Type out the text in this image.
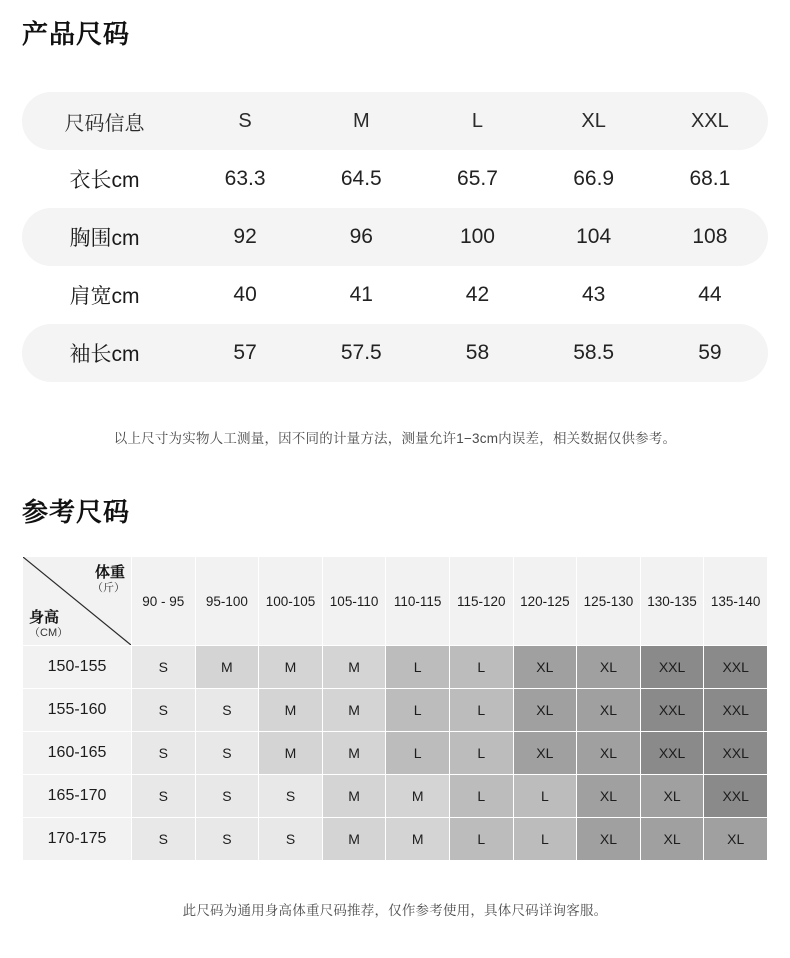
产品尺码
尺码信息	S	M	L	XL	XXL
衣长cm	63.3	64.5	65.7	66.9	68.1
胸围cm	92	96	100	104	108
肩宽cm	40	41	42	43	44
袖长cm	57	57.5	58	58.5	59
以上尺寸为实物人工测量，因不同的计量方法，测量允许1−3cm内误差，相关数据仅供参考。
参考尺码
体重
（斤）
身高
（CM）	90 - 95	95-100	100-105	105-110	110-115	115-120	120-125	125-130	130-135	135-140
150-155	S	M	M	M	L	L	XL	XL	XXL	XXL
155-160	S	S	M	M	L	L	XL	XL	XXL	XXL
160-165	S	S	M	M	L	L	XL	XL	XXL	XXL
165-170	S	S	S	M	M	L	L	XL	XL	XXL
170-175	S	S	S	M	M	L	L	XL	XL	XL
此尺码为通用身高体重尺码推荐，仅作参考使用，具体尺码详询客服。
